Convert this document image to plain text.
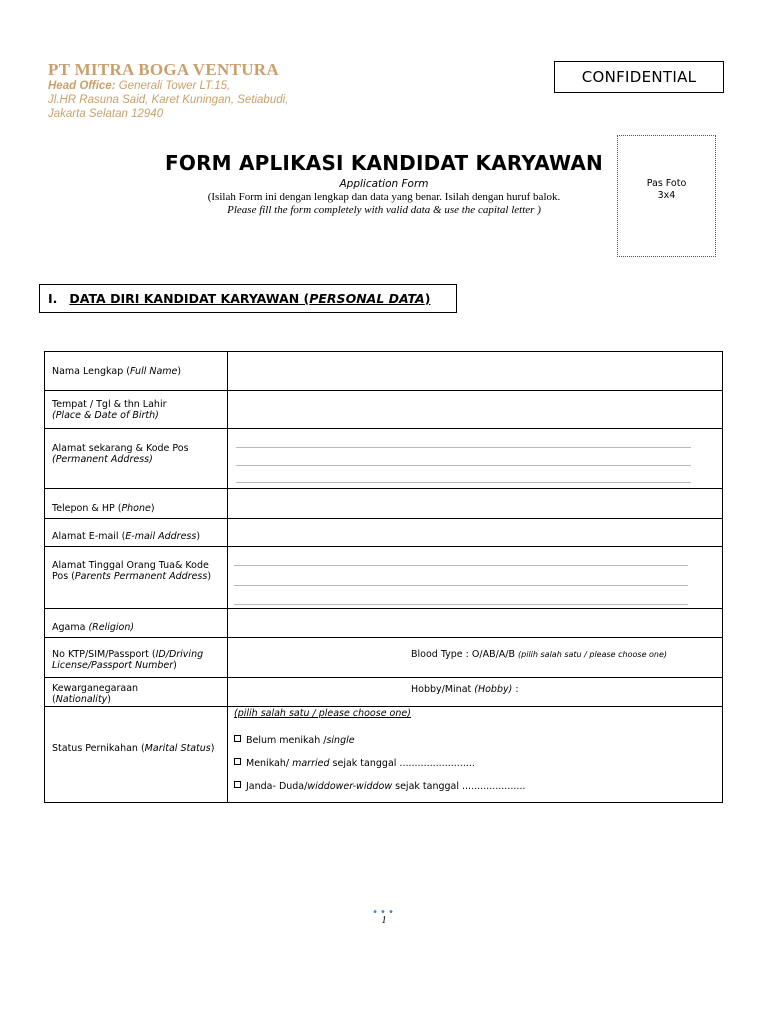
PT MITRA BOGA VENTURA
Head Office: Generali Tower LT.15,
Jl.HR Rasuna Said, Karet Kuningan, Setiabudi,
Jakarta Selatan 12940
CONFIDENTIAL
Pas Foto
3x4
FORM APLIKASI KANDIDAT KARYAWAN
Application Form
(Isilah Form ini dengan lengkap dan data yang benar. Isilah dengan huruf balok.
Please fill the form completely with valid data & use the capital letter )
I. DATA DIRI KANDIDAT KARYAWAN (PERSONAL DATA)
Nama Lengkap (Full Name)
Tempat / Tgl & thn Lahir
(Place & Date of Birth)
Alamat sekarang & Kode Pos
(Permanent Address)
Telepon & HP (Phone)
Alamat E-mail (E-mail Address)
Alamat Tinggal Orang Tua& Kode
Pos (Parents Permanent Address)
Agama (Religion)
No KTP/SIM/Passport (ID/Driving
License/Passport Number)
Blood Type : O/AB/A/B (pilih salah satu / please choose one)
Kewarganegaraan
(Nationality)
Hobby/Minat (Hobby) :
Status Pernikahan (Marital Status)
(pilih salah satu / please choose one)
Belum menikah /single
Menikah/ married sejak tanggal .........................
Janda- Duda/widdower-widdow sejak tanggal .....................
•••
1
